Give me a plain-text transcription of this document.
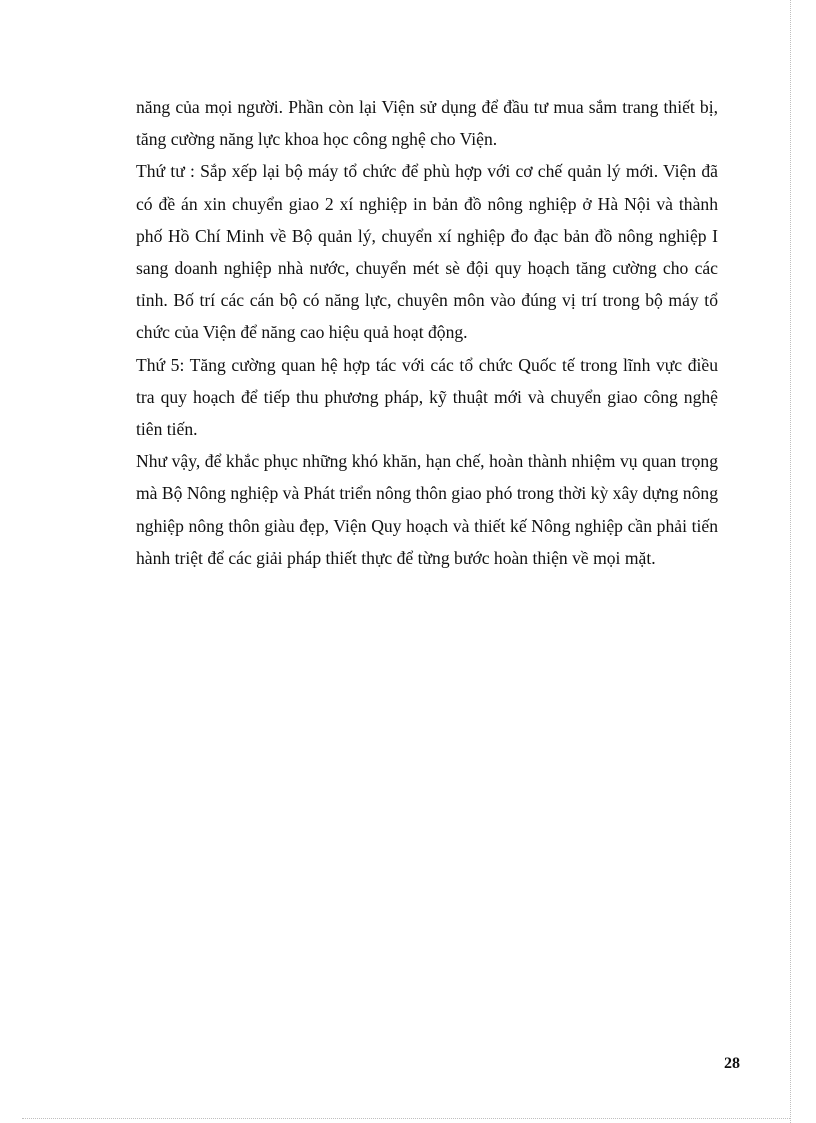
năng của mọi người. Phần còn lại Viện sử dụng để đầu tư mua sắm trang thiết bị, tăng cường năng lực khoa học công nghệ cho Viện.

Thứ tư : Sắp xếp lại bộ máy tổ chức để phù hợp với cơ chế quản lý mới. Viện đã có đề án xin chuyển giao 2 xí nghiệp in bản đồ nông nghiệp ở Hà Nội và thành phố Hồ Chí Minh về Bộ quản lý, chuyển xí nghiệp đo đạc bản đồ nông nghiệp I sang doanh nghiệp nhà nước, chuyển mét sè đội quy hoạch tăng cường cho các tỉnh. Bố trí các cán bộ có năng lực, chuyên môn vào đúng vị trí trong bộ máy tổ chức của Viện để năng cao hiệu quả hoạt động.

Thứ 5: Tăng cường quan hệ hợp tác với các tổ chức Quốc tế trong lĩnh vực điều tra quy hoạch để tiếp thu phương pháp, kỹ thuật mới và chuyển giao công nghệ tiên tiến.

Như vậy, để khắc phục những khó khăn, hạn chế, hoàn thành nhiệm vụ quan trọng mà Bộ Nông nghiệp và Phát triển nông thôn giao phó trong thời kỳ xây dựng nông nghiệp nông thôn giàu đẹp, Viện Quy hoạch và thiết kế Nông nghiệp cần phải tiến hành triệt để các giải pháp thiết thực để từng bước hoàn thiện về mọi mặt.

28
